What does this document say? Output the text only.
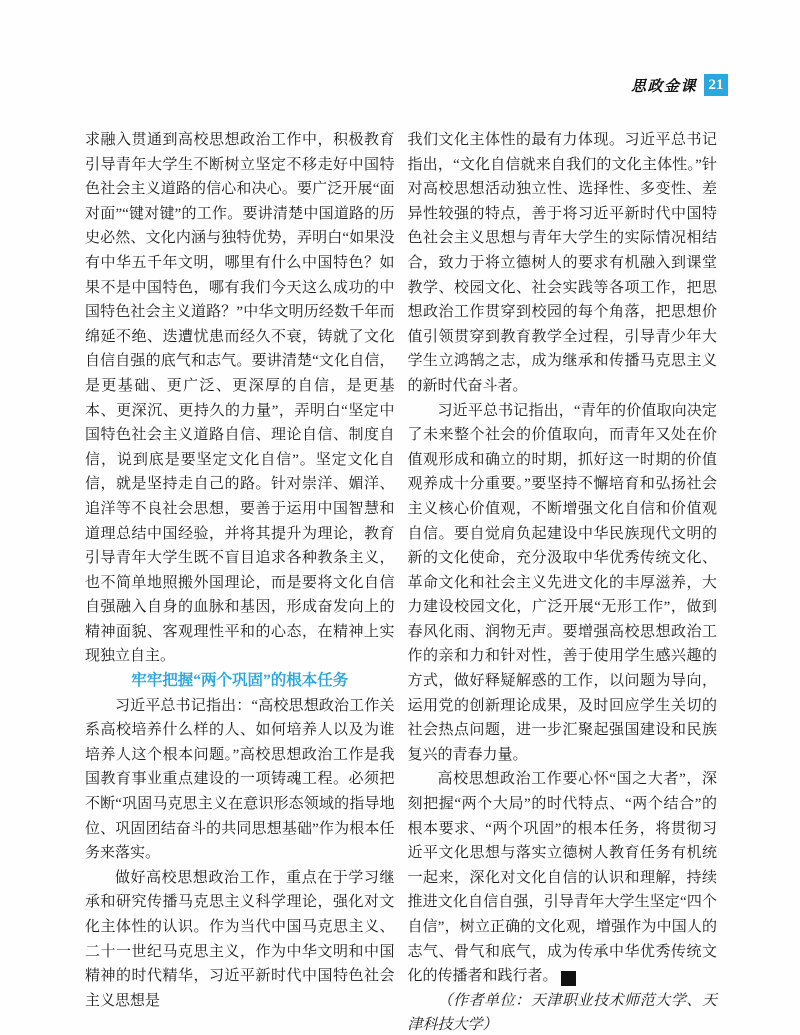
思政金课 21

求融入贯通到高校思想政治工作中，积极教育引导青年大学生不断树立坚定不移走好中国特色社会主义道路的信心和决心。要广泛开展“面对面”“键对键”的工作。要讲清楚中国道路的历史必然、文化内涵与独特优势，弄明白“如果没有中华五千年文明，哪里有什么中国特色？如果不是中国特色，哪有我们今天这么成功的中国特色社会主义道路？”中华文明历经数千年而绵延不绝、迭遭忧患而经久不衰，铸就了文化自信自强的底气和志气。要讲清楚“文化自信，是更基础、更广泛、更深厚的自信，是更基本、更深沉、更持久的力量”，弄明白“坚定中国特色社会主义道路自信、理论自信、制度自信，说到底是要坚定文化自信”。坚定文化自信，就是坚持走自己的路。针对崇洋、媚洋、追洋等不良社会思想，要善于运用中国智慧和道理总结中国经验，并将其提升为理论，教育引导青年大学生既不盲目追求各种教条主义，也不简单地照搬外国理论，而是要将文化自信自强融入自身的血脉和基因，形成奋发向上的精神面貌、客观理性平和的心态，在精神上实现独立自主。

牢牢把握“两个巩固”的根本任务

习近平总书记指出：“高校思想政治工作关系高校培养什么样的人、如何培养人以及为谁培养人这个根本问题。”高校思想政治工作是我国教育事业重点建设的一项铸魂工程。必须把不断“巩固马克思主义在意识形态领域的指导地位、巩固团结奋斗的共同思想基础”作为根本任务来落实。

做好高校思想政治工作，重点在于学习继承和研究传播马克思主义科学理论，强化对文化主体性的认识。作为当代中国马克思主义、二十一世纪马克思主义，作为中华文明和中国精神的时代精华，习近平新时代中国特色社会主义思想是

我们文化主体性的最有力体现。习近平总书记指出，“文化自信就来自我们的文化主体性。”针对高校思想活动独立性、选择性、多变性、差异性较强的特点，善于将习近平新时代中国特色社会主义思想与青年大学生的实际情况相结合，致力于将立德树人的要求有机融入到课堂教学、校园文化、社会实践等各项工作，把思想政治工作贯穿到校园的每个角落，把思想价值引领贯穿到教育教学全过程，引导青少年大学生立鸿鹄之志，成为继承和传播马克思主义的新时代奋斗者。

习近平总书记指出，“青年的价值取向决定了未来整个社会的价值取向，而青年又处在价值观形成和确立的时期，抓好这一时期的价值观养成十分重要。”要坚持不懈培育和弘扬社会主义核心价值观，不断增强文化自信和价值观自信。要自觉肩负起建设中华民族现代文明的新的文化使命，充分汲取中华优秀传统文化、革命文化和社会主义先进文化的丰厚滋养，大力建设校园文化，广泛开展“无形工作”，做到春风化雨、润物无声。要增强高校思想政治工作的亲和力和针对性，善于使用学生感兴趣的方式，做好释疑解惑的工作，以问题为导向，运用党的创新理论成果，及时回应学生关切的社会热点问题，进一步汇聚起强国建设和民族复兴的青春力量。

高校思想政治工作要心怀“国之大者”，深刻把握“两个大局”的时代特点、“两个结合”的根本要求、“两个巩固”的根本任务，将贯彻习近平文化思想与落实立德树人教育任务有机统一起来，深化对文化自信的认识和理解，持续推进文化自信自强，引导青年大学生坚定“四个自信”，树立正确的文化观，增强作为中国人的志气、骨气和底气，成为传承中华优秀传统文化的传播者和践行者。	政

（作者单位：天津职业技术师范大学、天津科技大学）
